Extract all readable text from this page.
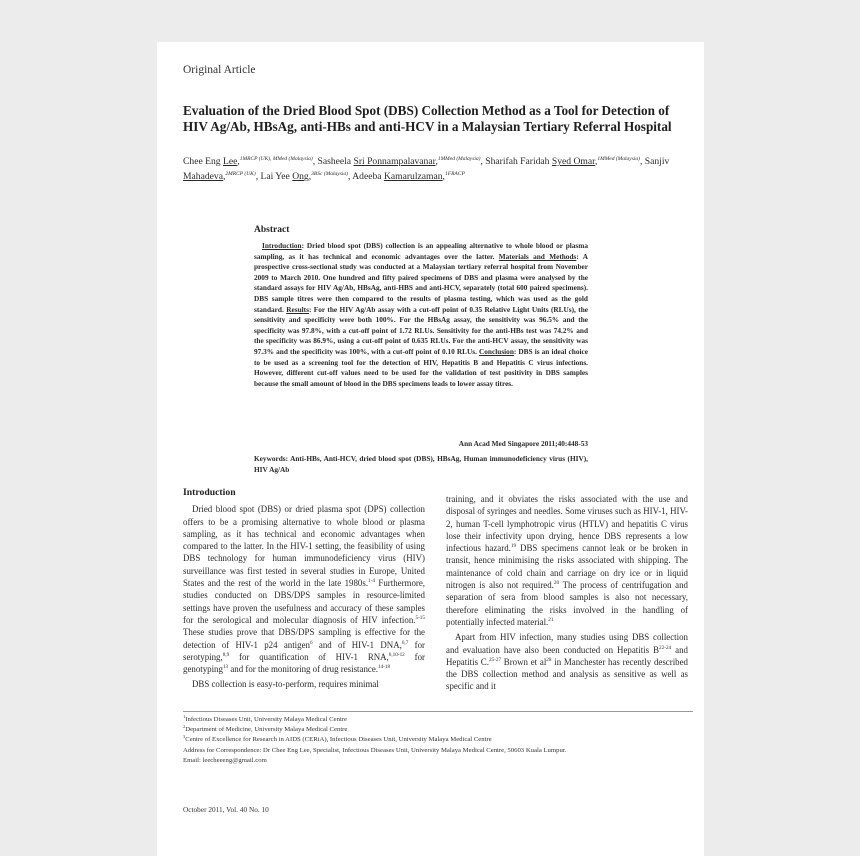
Original Article
Evaluation of the Dried Blood Spot (DBS) Collection Method as a Tool for Detection of HIV Ag/Ab, HBsAg, anti-HBs and anti-HCV in a Malaysian Tertiary Referral Hospital
Chee Eng Lee,$^{1MRCP (UK), MMed (Malaysia)}$, Sasheela Sri Ponnampalavanar,$^{1MMed (Malaysia)}$, Sharifah Faridah Syed Omar,$^{1MMed (Malaysia)}$, Sanjiv Mahadeva,$^{2MRCP (UK)}$, Lai Yee Ong,$^{3BSc (Malaysia)}$, Adeeba Kamarulzaman,$^{1FRACP}$
Abstract
Introduction: Dried blood spot (DBS) collection is an appealing alternative to whole blood or plasma sampling, as it has technical and economic advantages over the latter. Materials and Methods: A prospective cross-sectional study was conducted at a Malaysian tertiary referral hospital from November 2009 to March 2010. One hundred and fifty paired specimens of DBS and plasma were analysed by the standard assays for HIV Ag/Ab, HBsAg, anti-HBS and anti-HCV, separately (total 600 paired specimens). DBS sample titres were then compared to the results of plasma testing, which was used as the gold standard. Results: For the HIV Ag/Ab assay with a cut-off point of 0.35 Relative Light Units (RLUs), the sensitivity and specificity were both 100%. For the HBsAg assay, the sensitivity was 96.5% and the specificity was 97.8%, with a cut-off point of 1.72 RLUs. Sensitivity for the anti-HBs test was 74.2% and the specificity was 86.9%, using a cut-off point of 0.635 RLUs. For the anti-HCV assay, the sensitivity was 97.3% and the specificity was 100%, with a cut-off point of 0.10 RLUs. Conclusion: DBS is an ideal choice to be used as a screening tool for the detection of HIV, Hepatitis B and Hepatitis C virus infections. However, different cut-off values need to be used for the validation of test positivity in DBS samples because the small amount of blood in the DBS specimens leads to lower assay titres.
Ann Acad Med Singapore 2011;40:448-53
Keywords: Anti-HBs, Anti-HCV, dried blood spot (DBS), HBsAg, Human immunodeficiency virus (HIV), HIV Ag/Ab
Introduction

Dried blood spot (DBS) or dried plasma spot (DPS) collection offers to be a promising alternative to whole blood or plasma sampling, as it has technical and economic advantages when compared to the latter. In the HIV-1 setting, the feasibility of using DBS technology for human immunodeficiency virus (HIV) surveillance was first tested in several studies in Europe, United States and the rest of the world in the late 1980s.$^{1-4}$ Furthermore, studies conducted on DBS/DPS samples in resource-limited settings have proven the usefulness and accuracy of these samples for the serological and molecular diagnosis of HIV infection.$^{5-15}$ These studies prove that DBS/DPS sampling is effective for the detection of HIV-1 p24 antigen$^6$ and of HIV-1 DNA,$^{6,7}$ for serotyping,$^{8,9}$ for quantification of HIV-1 RNA,$^{6,10-12}$ for genotyping$^{13}$ and for the monitoring of drug resistance.$^{14-18}$

DBS collection is easy-to-perform, requires minimal

training, and it obviates the risks associated with the use and disposal of syringes and needles. Some viruses such as HIV-1, HIV-2, human T-cell lymphotropic virus (HTLV) and hepatitis C virus lose their infectivity upon drying, hence DBS represents a low infectious hazard.$^{19}$ DBS specimens cannot leak or be broken in transit, hence minimising the risks associated with shipping. The maintenance of cold chain and carriage on dry ice or in liquid nitrogen is also not required.$^{20}$ The process of centrifugation and separation of sera from blood samples is also not necessary, therefore eliminating the risks involved in the handling of potentially infected material.$^{21}$

Apart from HIV infection, many studies using DBS collection and evaluation have also been conducted on Hepatitis $B^{22-24}$ and Hepatitis C.$^{25-27}$ Brown et $al^{28}$ in Manchester has recently described the DBS collection method and analysis as sensitive as well as specific and it

$^1$Infectious Diseases Unit, University Malaya Medical Centre
$^2$Department of Medicine, University Malaya Medical Centre
$^3$Centre of Excellence for Research in AIDS (CERiA), Infectious Diseases Unit, University Malaya Medical Centre
Address for Correspondence: Dr Chee Eng Lee, Specialist, Infectious Diseases Unit, University Malaya Medical Centre, 50603 Kuala Lumpur.
Email: leecheeeng@gmail.com
October 2011, Vol. 40 No. 10
